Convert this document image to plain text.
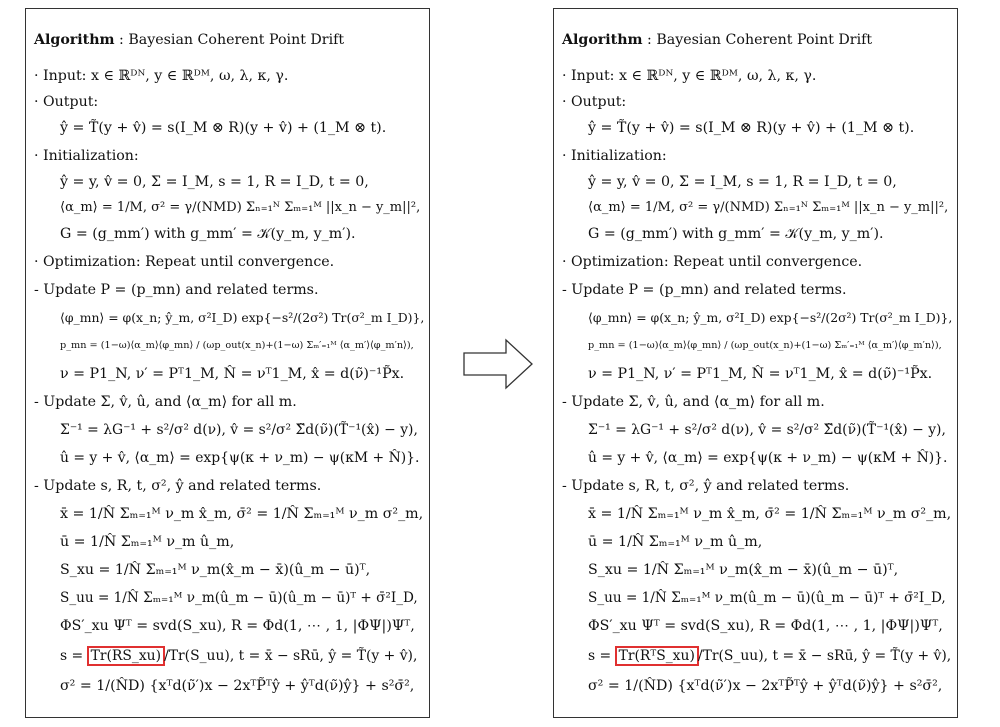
Algorithm : Bayesian Coherent Point Drift
· Input: x ∈ ℝᴰᴺ, y ∈ ℝᴰᴹ, ω, λ, κ, γ.
· Output:
ŷ = T̃(y + v̂) = s(I_M ⊗ R)(y + v̂) + (1_M ⊗ t).
· Initialization:
ŷ = y, v̂ = 0, Σ = I_M, s = 1, R = I_D, t = 0,
⟨α_m⟩ = 1/M, σ² = γ/(NMD) Σₙ₌₁ᴺ Σₘ₌₁ᴹ ||x_n − y_m||²,
G = (g_mm′) with g_mm′ = 𝒦(y_m, y_m′).
· Optimization: Repeat until convergence.
- Update P = (p_mn) and related terms.
⟨φ_mn⟩ = φ(x_n; ŷ_m, σ²I_D) exp{−s²/(2σ²) Tr(σ²_m I_D)},
p_mn = (1−ω)⟨α_m⟩⟨φ_mn⟩ / (ωp_out(x_n)+(1−ω) Σₘ′₌₁ᴹ ⟨α_m′⟩⟨φ_m′n⟩),
ν = P1_N, ν′ = Pᵀ1_M, N̂ = νᵀ1_M, x̂ = d(ν̃)⁻¹P̃x.
- Update Σ, v̂, û, and ⟨α_m⟩ for all m.
Σ⁻¹ = λG⁻¹ + s²/σ² d(ν), v̂ = s²/σ² Σ̃d(ν̃)(T̃⁻¹(x̂) − y),
û = y + v̂, ⟨α_m⟩ = exp{ψ(κ + ν_m) − ψ(κM + N̂)}.
- Update s, R, t, σ², ŷ and related terms.
x̄ = 1/N̂ Σₘ₌₁ᴹ ν_m x̂_m, σ̄² = 1/N̂ Σₘ₌₁ᴹ ν_m σ²_m,
ū = 1/N̂ Σₘ₌₁ᴹ ν_m û_m,
S_xu = 1/N̂ Σₘ₌₁ᴹ ν_m(x̂_m − x̄)(û_m − ū)ᵀ,
S_uu = 1/N̂ Σₘ₌₁ᴹ ν_m(û_m − ū)(û_m − ū)ᵀ + σ̄²I_D,
ΦS′_xu Ψᵀ = svd(S_xu), R = Φd(1, ⋯ , 1, |ΦΨ|)Ψᵀ,
s = Tr(RS_xu) /Tr(S_uu), t = x̄ − sRū, ŷ = T̃(y + v̂),
σ² = 1/(N̂D) {xᵀd(ν̃′)x − 2xᵀP̃ᵀŷ + ŷᵀd(ν̃)ŷ} + s²σ̄²,
Algorithm : Bayesian Coherent Point Drift
· Input: x ∈ ℝᴰᴺ, y ∈ ℝᴰᴹ, ω, λ, κ, γ.
· Output:
ŷ = T̃(y + v̂) = s(I_M ⊗ R)(y + v̂) + (1_M ⊗ t).
· Initialization:
ŷ = y, v̂ = 0, Σ = I_M, s = 1, R = I_D, t = 0,
⟨α_m⟩ = 1/M, σ² = γ/(NMD) Σₙ₌₁ᴺ Σₘ₌₁ᴹ ||x_n − y_m||²,
G = (g_mm′) with g_mm′ = 𝒦(y_m, y_m′).
· Optimization: Repeat until convergence.
- Update P = (p_mn) and related terms.
⟨φ_mn⟩ = φ(x_n; ŷ_m, σ²I_D) exp{−s²/(2σ²) Tr(σ²_m I_D)},
p_mn = (1−ω)⟨α_m⟩⟨φ_mn⟩ / (ωp_out(x_n)+(1−ω) Σₘ′₌₁ᴹ ⟨α_m′⟩⟨φ_m′n⟩),
ν = P1_N, ν′ = Pᵀ1_M, N̂ = νᵀ1_M, x̂ = d(ν̃)⁻¹P̃x.
- Update Σ, v̂, û, and ⟨α_m⟩ for all m.
Σ⁻¹ = λG⁻¹ + s²/σ² d(ν), v̂ = s²/σ² Σ̃d(ν̃)(T̃⁻¹(x̂) − y),
û = y + v̂, ⟨α_m⟩ = exp{ψ(κ + ν_m) − ψ(κM + N̂)}.
- Update s, R, t, σ², ŷ and related terms.
x̄ = 1/N̂ Σₘ₌₁ᴹ ν_m x̂_m, σ̄² = 1/N̂ Σₘ₌₁ᴹ ν_m σ²_m,
ū = 1/N̂ Σₘ₌₁ᴹ ν_m û_m,
S_xu = 1/N̂ Σₘ₌₁ᴹ ν_m(x̂_m − x̄)(û_m − ū)ᵀ,
S_uu = 1/N̂ Σₘ₌₁ᴹ ν_m(û_m − ū)(û_m − ū)ᵀ + σ̄²I_D,
ΦS′_xu Ψᵀ = svd(S_xu), R = Φd(1, ⋯ , 1, |ΦΨ|)Ψᵀ,
s = Tr(RᵀS_xu) /Tr(S_uu), t = x̄ − sRū, ŷ = T̃(y + v̂),
σ² = 1/(N̂D) {xᵀd(ν̃′)x − 2xᵀP̃ᵀŷ + ŷᵀd(ν̃)ŷ} + s²σ̄²,
